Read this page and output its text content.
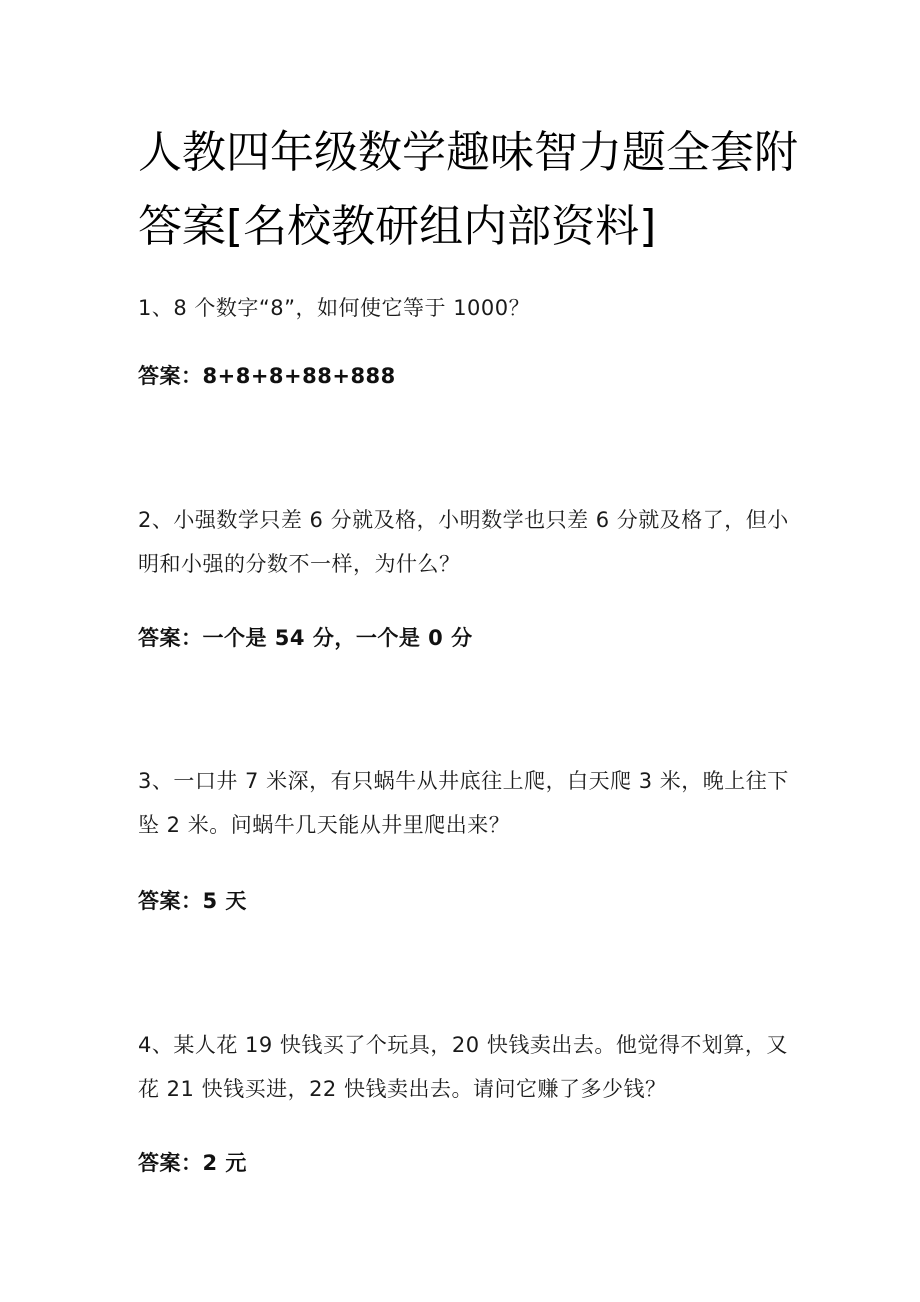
人教四年级数学趣味智力题全套附答案[名校教研组内部资料]

1、8 个数字“8”，如何使它等于 1000？

答案：8+8+8+88+888

2、小强数学只差 6 分就及格，小明数学也只差 6 分就及格了，但小明和小强的分数不一样，为什么？

答案：一个是 54 分，一个是 0 分

3、一口井 7 米深，有只蜗牛从井底往上爬，白天爬 3 米，晚上往下坠 2 米。问蜗牛几天能从井里爬出来？

答案：5 天

4、某人花 19 快钱买了个玩具，20 快钱卖出去。他觉得不划算，又花 21 快钱买进，22 快钱卖出去。请问它赚了多少钱？

答案：2 元
